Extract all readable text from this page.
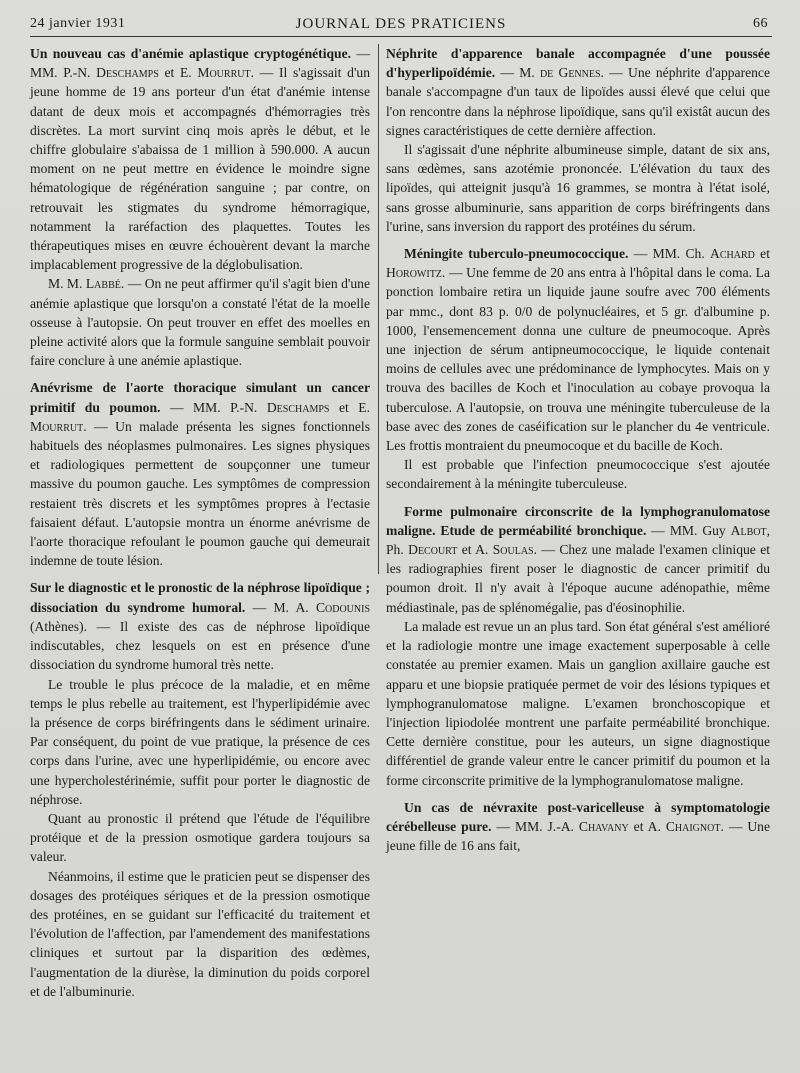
24 janvier 1931	JOURNAL DES PRATICIENS	66

Un nouveau cas d'anémie aplastique cryptogénétique. — MM. P.-N. Deschamps et E. Mourrut. — Il s'agissait d'un jeune homme de 19 ans porteur d'un état d'anémie intense datant de deux mois et accompagnés d'hémorragies très discrètes. La mort survint cinq mois après le début, et le chiffre globulaire s'abaissa de 1 million à 590.000. A aucun moment on ne peut mettre en évidence le moindre signe hématologique de régénération sanguine ; par contre, on retrouvait les stigmates du syndrome hémorragique, notamment la raréfaction des plaquettes. Toutes les thérapeutiques mises en œuvre échouèrent devant la marche implacablement progressive de la déglobulisation.

M. M. Labbé. — On ne peut affirmer qu'il s'agit bien d'une anémie aplastique que lorsqu'on a constaté l'état de la moelle osseuse à l'autopsie. On peut trouver en effet des moelles en pleine activité alors que la formule sanguine semblait pouvoir faire conclure à une anémie aplastique.

Anévrisme de l'aorte thoracique simulant un cancer primitif du poumon. — MM. P.-N. Deschamps et E. Mourrut. — Un malade présenta les signes fonctionnels habituels des néoplasmes pulmonaires. Les signes physiques et radiologiques permettent de soupçonner une tumeur massive du poumon gauche. Les symptômes de compression restaient très discrets et les symptômes propres à l'ectasie faisaient défaut. L'autopsie montra un énorme anévrisme de l'aorte thoracique refoulant le poumon gauche qui demeurait indemne de toute lésion.

Sur le diagnostic et le pronostic de la néphrose lipoïdique ; dissociation du syndrome humoral. — M. A. Codounis (Athènes). — Il existe des cas de néphrose lipoïdique indiscutables, chez lesquels on est en présence d'une dissociation du syndrome humoral très nette.

Le trouble le plus précoce de la maladie, et en même temps le plus rebelle au traitement, est l'hyperlipidémie avec la présence de corps biréfringents dans le sédiment urinaire. Par conséquent, du point de vue pratique, la présence de ces corps dans l'urine, avec une hyperlipidémie, ou encore avec une hypercholestérinémie, suffit pour porter le diagnostic de néphrose.

Quant au pronostic il prétend que l'étude de l'équilibre protéique et de la pression osmotique gardera toujours sa valeur.

Néanmoins, il estime que le praticien peut se dispenser des dosages des protéiques sériques et de la pression osmotique des protéines, en se guidant sur l'efficacité du traitement et l'évolution de l'affection, par l'amendement des manifestations cliniques et surtout par la disparition des œdèmes, l'augmentation de la diurèse, la diminution du poids corporel et de l'albuminurie.

Néphrite d'apparence banale accompagnée d'une poussée d'hyperlipoïdémie. — M. de Gennes. — Une néphrite d'apparence banale s'accompagne d'un taux de lipoïdes aussi élevé que celui que l'on rencontre dans la néphrose lipoïdique, sans qu'il existât aucun des signes caractéristiques de cette dernière affection.

Il s'agissait d'une néphrite albumineuse simple, datant de six ans, sans œdèmes, sans azotémie prononcée. L'élévation du taux des lipoïdes, qui atteignit jusqu'à 16 grammes, se montra à l'état isolé, sans grosse albuminurie, sans apparition de corps biréfringents dans l'urine, sans inversion du rapport des protéines du sérum.

Méningite tuberculo-pneumococcique. — MM. Ch. Achard et Horowitz. — Une femme de 20 ans entra à l'hôpital dans le coma. La ponction lombaire retira un liquide jaune soufre avec 700 éléments par mmc., dont 83 p. 0/0 de polynucléaires, et 5 gr. d'albumine p. 1000, l'ensemencement donna une culture de pneumocoque. Après une injection de sérum antipneumococcique, le liquide contenait moins de cellules avec une prédominance de lymphocytes. Mais on y trouva des bacilles de Koch et l'inoculation au cobaye provoqua la tuberculose. A l'autopsie, on trouva une méningite tuberculeuse de la base avec des zones de caséification sur le plancher du 4e ventricule. Les frottis montraient du pneumocoque et du bacille de Koch.

Il est probable que l'infection pneumococcique s'est ajoutée secondairement à la méningite tuberculeuse.

Forme pulmonaire circonscrite de la lymphogranulomatose maligne. Etude de perméabilité bronchique. — MM. Guy Albot, Ph. Decourt et A. Soulas. — Chez une malade l'examen clinique et les radiographies firent poser le diagnostic de cancer primitif du poumon droit. Il n'y avait à l'époque aucune adénopathie, même médiastinale, pas de splénomégalie, pas d'éosinophilie.

La malade est revue un an plus tard. Son état général s'est amélioré et la radiologie montre une image exactement superposable à celle constatée au premier examen. Mais un ganglion axillaire gauche est apparu et une biopsie pratiquée permet de voir des lésions typiques et lymphogranulomatose maligne. L'examen bronchoscopique et l'injection lipiodolée montrent une parfaite perméabilité bronchique. Cette dernière constitue, pour les auteurs, un signe diagnostique différentiel de grande valeur entre le cancer primitif du poumon et la forme circonscrite primitive de la lymphogranulomatose maligne.

Un cas de névraxite post-varicelleuse à symptomatologie cérébelleuse pure. — MM. J.-A. Chavany et A. Chaignot. — Une jeune fille de 16 ans fait,
